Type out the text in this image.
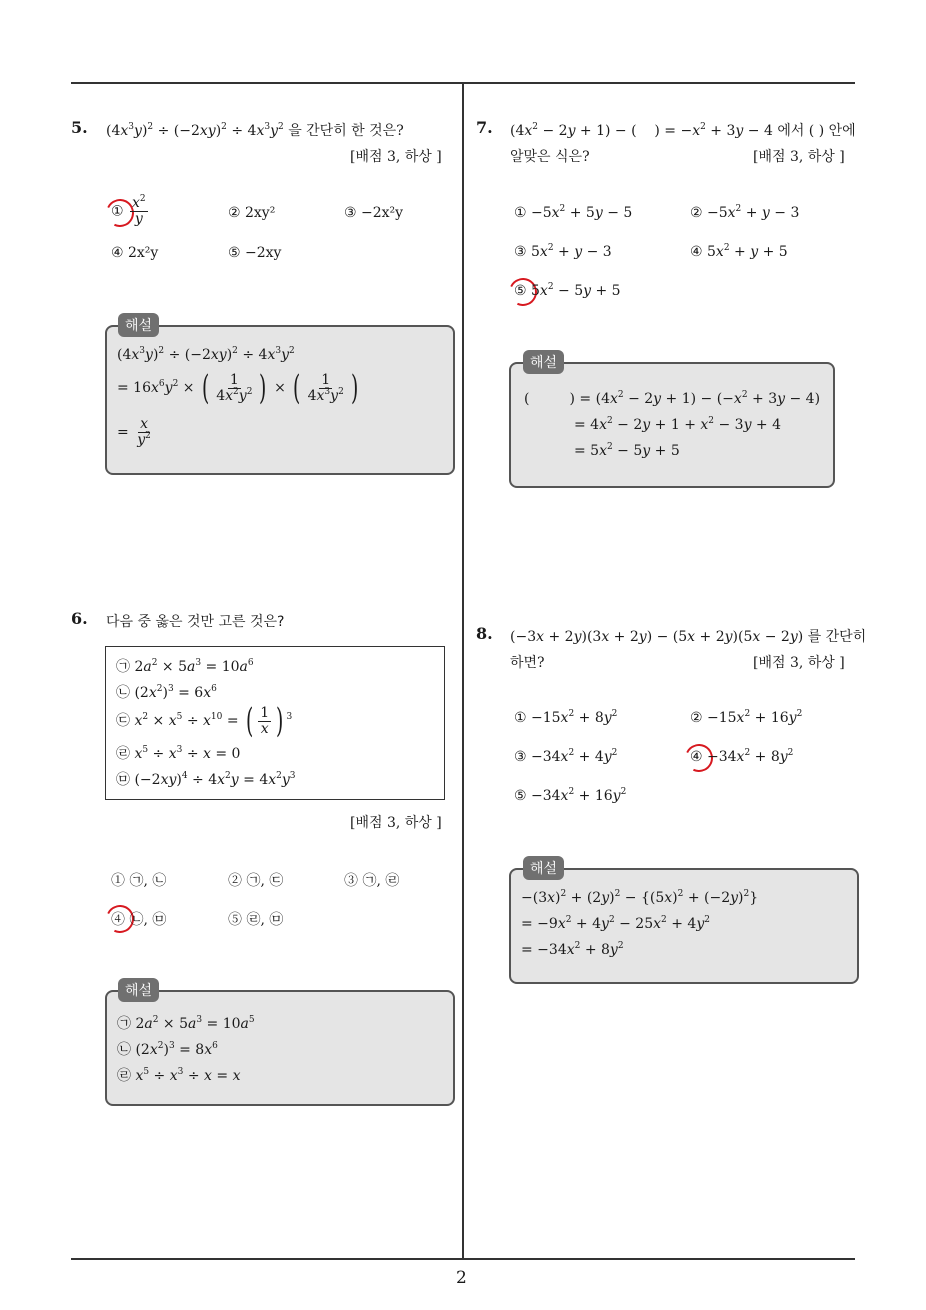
2
5. $(4x^3y)^2 \div (-2xy)^2 \div 4x^3y^2$ 을 간단히 한 것은?
[배점 3, 하상 ]
① $\frac{x^2}{y}$	② 2xy²	③ −2x²y
④ 2x²y	⑤ −2xy
해설
$(4x^3y)^2 \div (-2xy)^2 \div 4x^3y^2$
= $16x^6y^2$ × ( $\frac{1}{4x^2y^2}$ ) × ( $\frac{1}{4x^3y^2}$ )
= $\frac{x}{y^2}$
6. 다음 중 옳은 것만 고른 것은?
㉠ $2a^2 \times 5a^3 = 10a^6$
㉡ $(2x^2)^3 = 6x^6$
㉢ $x^2 \times x^5 \div x^{10}$ = ( $\frac{1}{x}$ ) $^3$
㉣ $x^5 \div x^3 \div x = 0$
㉤ $(-2xy)^4 \div 4x^2y = 4x^2y^3$
[배점 3, 하상 ]
① ㉠, ㉡	② ㉠, ㉢	③ ㉠, ㉣
④ ㉡, ㉤	⑤ ㉣, ㉤
해설
㉠ $2a^2 \times 5a^3 = 10a^5$
㉡ $(2x^2)^3 = 8x^6$
㉣ $x^5 \div x^3 \div x = x$
7. $(4x^2 - 2y + 1)$ − (    ) = $-x^2 + 3y - 4$ 에서 ( ) 안에
알맞은 식은?	[배점 3, 하상 ]
① $-5x^2 + 5y - 5$	② $-5x^2 + y - 3$
③ $5x^2 + y - 3$	④ $5x^2 + y + 5$
⑤ $5x^2 - 5y + 5$
해설
(         ) = $(4x^2 - 2y + 1) - (-x^2 + 3y - 4)$
= $4x^2 - 2y + 1 + x^2 - 3y + 4$
= $5x^2 - 5y + 5$
8. (−3x + 2y)(3x + 2y) − (5x + 2y)(5x − 2y) 를 간단히
하면?	[배점 3, 하상 ]
① $-15x^2 + 8y^2$	② $-15x^2 + 16y^2$
③ $-34x^2 + 4y^2$	④ $-34x^2 + 8y^2$
⑤ $-34x^2 + 16y^2$
해설
$-(3x)^2 + (2y)^2 - \{(5x)^2 + (-2y)^2\}$
= $-9x^2 + 4y^2 - 25x^2 + 4y^2$
= $-34x^2 + 8y^2$
